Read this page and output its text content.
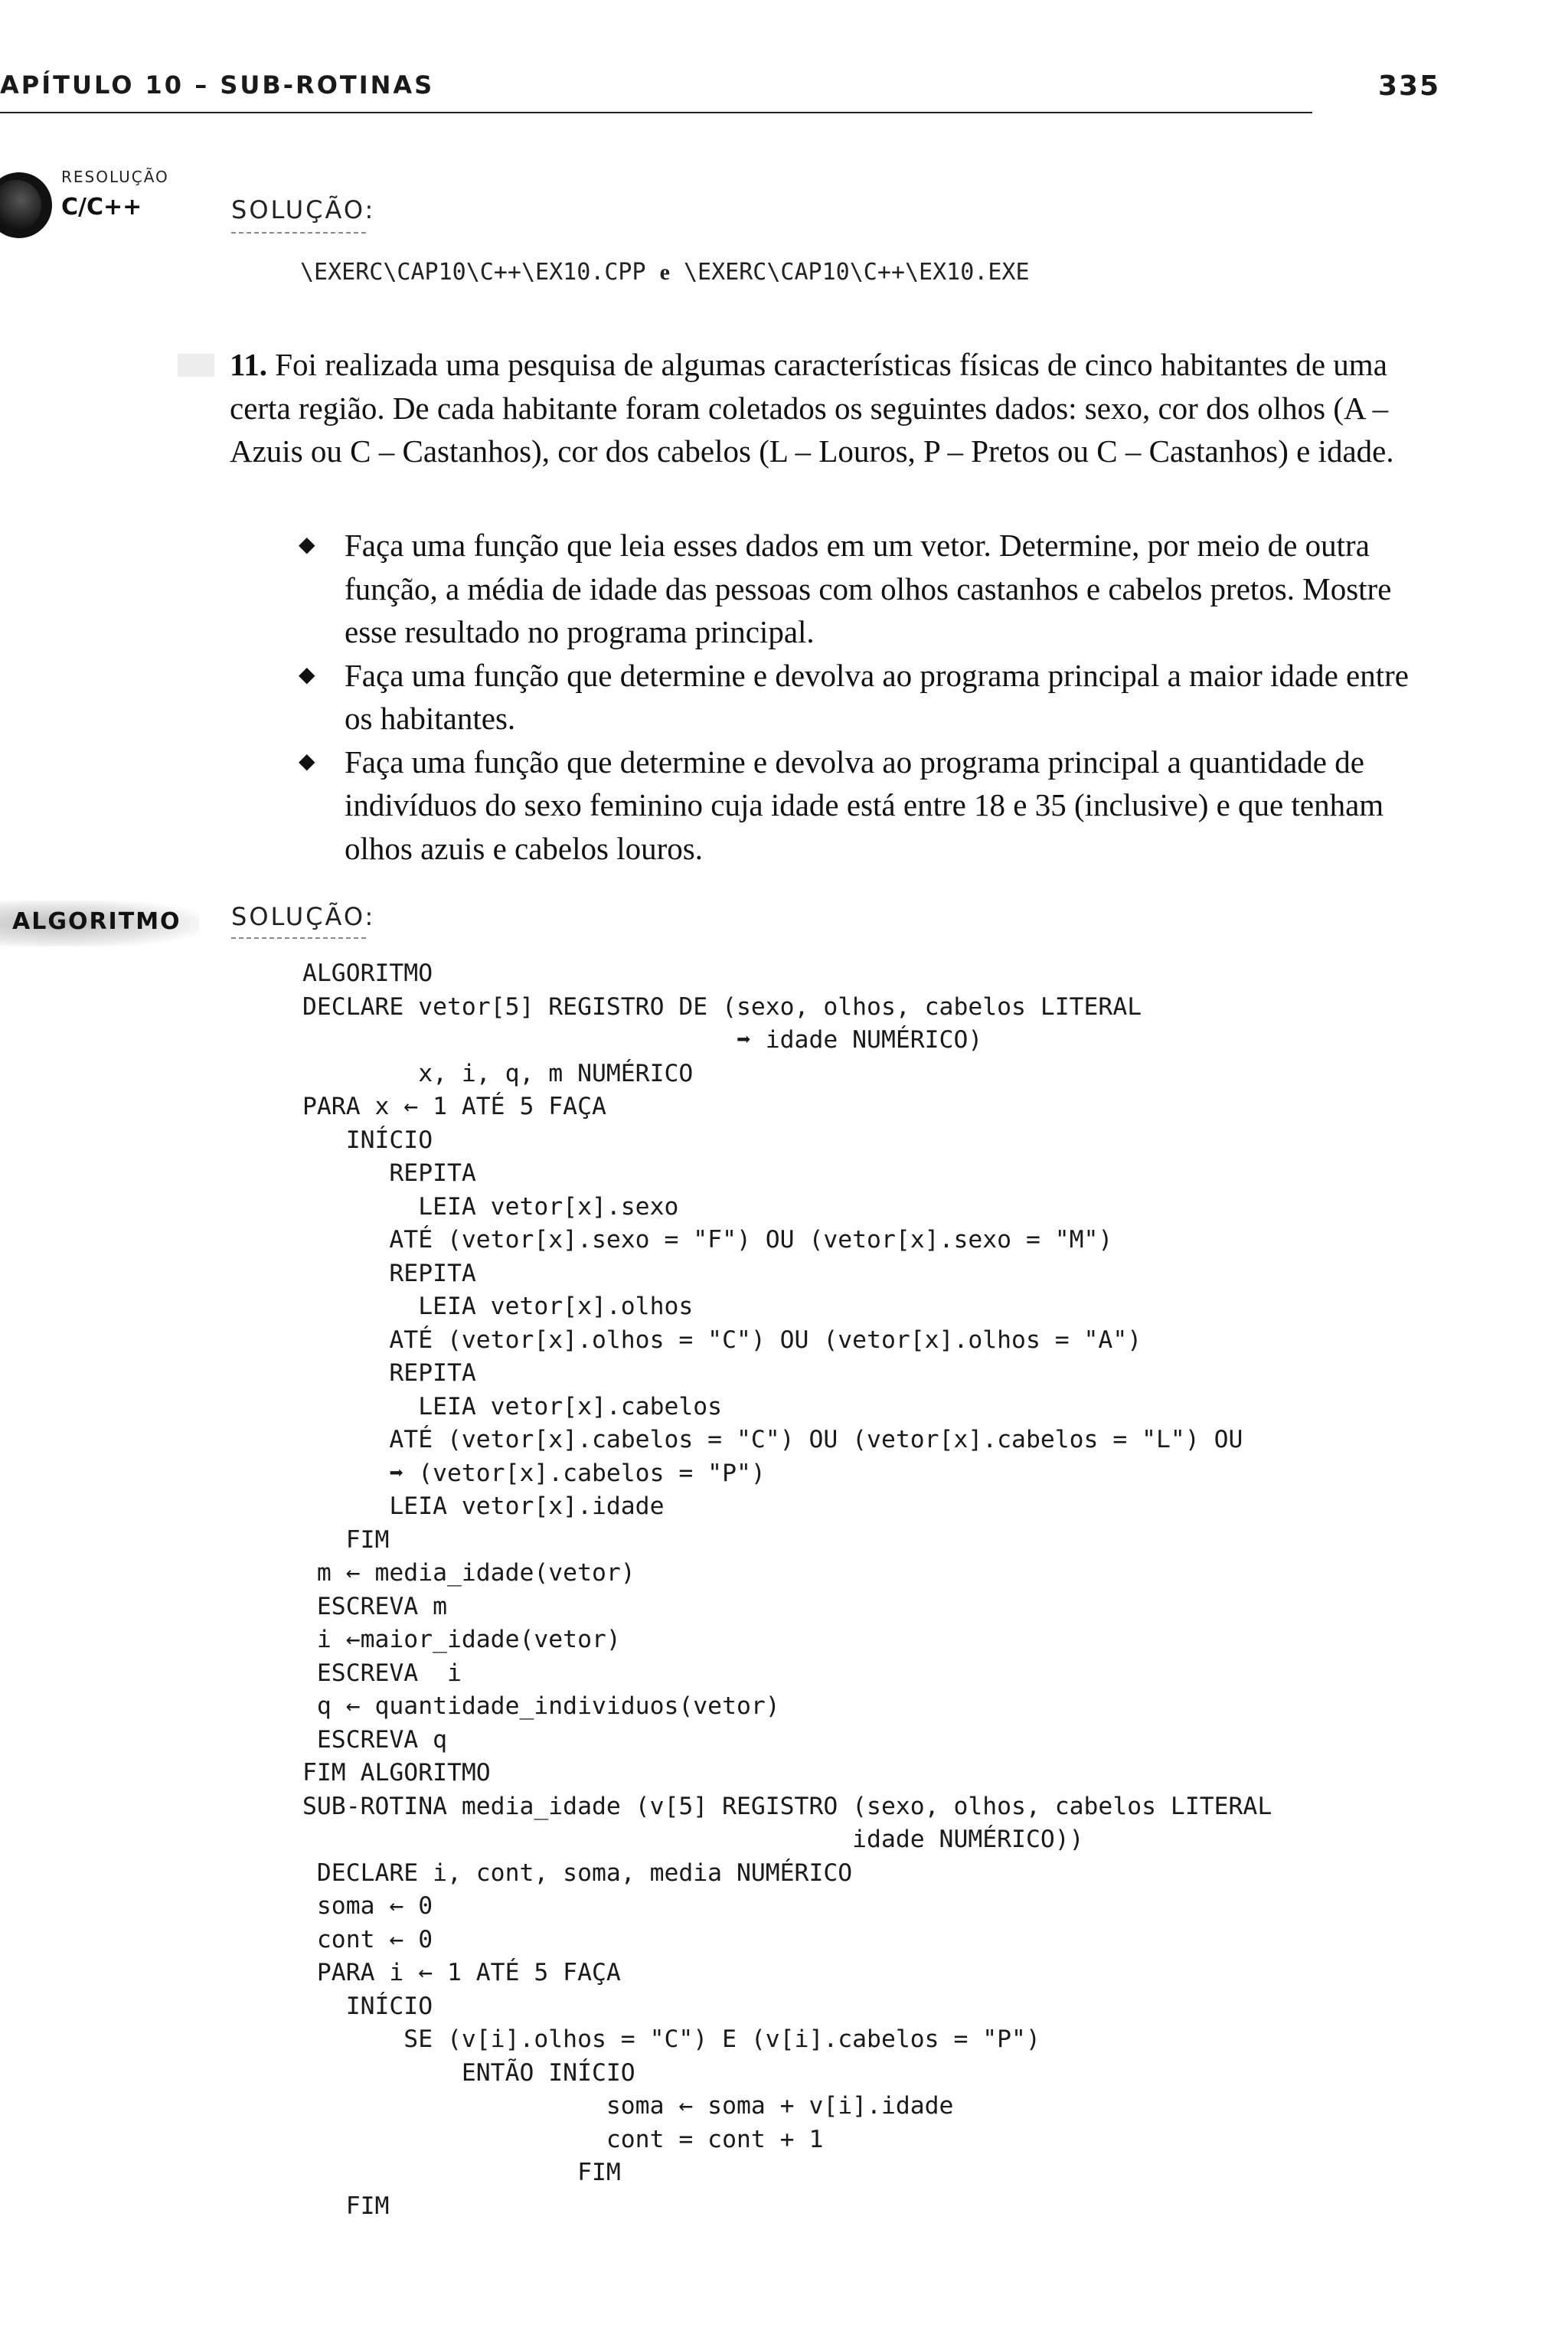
APÍTULO 10 – SUB-ROTINAS	335
RESOLUÇÃO
C/C++	SOLUÇÃO:
\EXERC\CAP10\C++\EX10.CPP e \EXERC\CAP10\C++\EX10.EXE
11. Foi realizada uma pesquisa de algumas características físicas de cinco habitantes de uma certa região. De cada habitante foram coletados os seguintes dados: sexo, cor dos olhos (A – Azuis ou C – Castanhos), cor dos cabelos (L – Louros, P – Pretos ou C – Castanhos) e idade.
◆ Faça uma função que leia esses dados em um vetor. Determine, por meio de outra função, a média de idade das pessoas com olhos castanhos e cabelos pretos. Mostre esse resultado no programa principal.
◆ Faça uma função que determine e devolva ao programa principal a maior idade entre os habitantes.
◆ Faça uma função que determine e devolva ao programa principal a quantidade de indivíduos do sexo feminino cuja idade está entre 18 e 35 (inclusive) e que tenham olhos azuis e cabelos louros.
ALGORITMO SOLUÇÃO:
ALGORITMO
DECLARE vetor[5] REGISTRO DE (sexo, olhos, cabelos LITERAL
➡ idade NUMÉRICO)
x, i, q, m NUMÉRICO
PARA x ← 1 ATÉ 5 FAÇA
INÍCIO
REPITA
LEIA vetor[x].sexo
ATÉ (vetor[x].sexo = "F") OU (vetor[x].sexo = "M")
REPITA
LEIA vetor[x].olhos
ATÉ (vetor[x].olhos = "C") OU (vetor[x].olhos = "A")
REPITA
LEIA vetor[x].cabelos
ATÉ (vetor[x].cabelos = "C") OU (vetor[x].cabelos = "L") OU
➡ (vetor[x].cabelos = "P")
LEIA vetor[x].idade
FIM
m ← media_idade(vetor)
ESCREVA m
i ←maior_idade(vetor)
ESCREVA  i
q ← quantidade_individuos(vetor)
ESCREVA q
FIM ALGORITMO
SUB-ROTINA media_idade (v[5] REGISTRO (sexo, olhos, cabelos LITERAL
idade NUMÉRICO))
DECLARE i, cont, soma, media NUMÉRICO
soma ← 0
cont ← 0
PARA i ← 1 ATÉ 5 FAÇA
INÍCIO
SE (v[i].olhos = "C") E (v[i].cabelos = "P")
ENTÃO INÍCIO
soma ← soma + v[i].idade
cont = cont + 1
FIM
FIM
